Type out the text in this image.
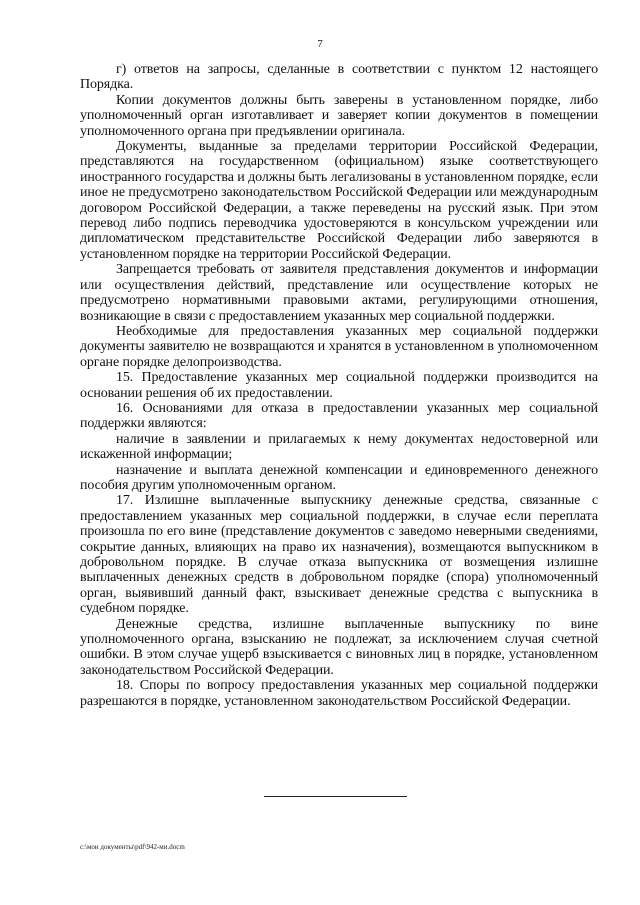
7

г) ответов на запросы, сделанные в соответствии с пунктом 12 настоящего Порядка.

Копии документов должны быть заверены в установленном порядке, либо уполномоченный орган изготавливает и заверяет копии документов в помещении уполномоченного органа при предъявлении оригинала.

Документы, выданные за пределами территории Российской Федерации, представляются на государственном (официальном) языке соответствующего иностранного государства и должны быть легализованы в установленном порядке, если иное не предусмотрено законодательством Российской Федерации или международным договором Российской Федерации, а также переведены на русский язык. При этом перевод либо подпись переводчика удостоверяются в консульском учреждении или дипломатическом представительстве Российской Федерации либо заверяются в установленном порядке на территории Российской Федерации.

Запрещается требовать от заявителя представления документов и информации или осуществления действий, представление или осуществление которых не предусмотрено нормативными правовыми актами, регулирующими отношения, возникающие в связи с предоставлением указанных мер социальной поддержки.

Необходимые для предоставления указанных мер социальной поддержки документы заявителю не возвращаются и хранятся в установленном в уполномоченном органе порядке делопроизводства.

15. Предоставление указанных мер социальной поддержки производится на основании решения об их предоставлении.

16. Основаниями для отказа в предоставлении указанных мер социальной поддержки являются:

наличие в заявлении и прилагаемых к нему документах недостоверной или искаженной информации;

назначение и выплата денежной компенсации и единовременного денежного пособия другим уполномоченным органом.

17. Излишне выплаченные выпускнику денежные средства, связанные с предоставлением указанных мер социальной поддержки, в случае если переплата произошла по его вине (представление документов с заведомо неверными сведениями, сокрытие данных, влияющих на право их назначения), возмещаются выпускником в добровольном порядке. В случае отказа выпускника от возмещения излишне выплаченных денежных средств в добровольном порядке (спора) уполномоченный орган, выявивший данный факт, взыскивает денежные средства с выпускника в судебном порядке.

Денежные средства, излишне выплаченные выпускнику по вине уполномоченного органа, взысканию не подлежат, за исключением случая счетной ошибки. В этом случае ущерб взыскивается с виновных лиц в порядке, установленном законодательством Российской Федерации.

18. Споры по вопросу предоставления указанных мер социальной поддержки разрешаются в порядке, установленном законодательством Российской Федерации.

c:\мои документы\pdf\942-ми.docm
